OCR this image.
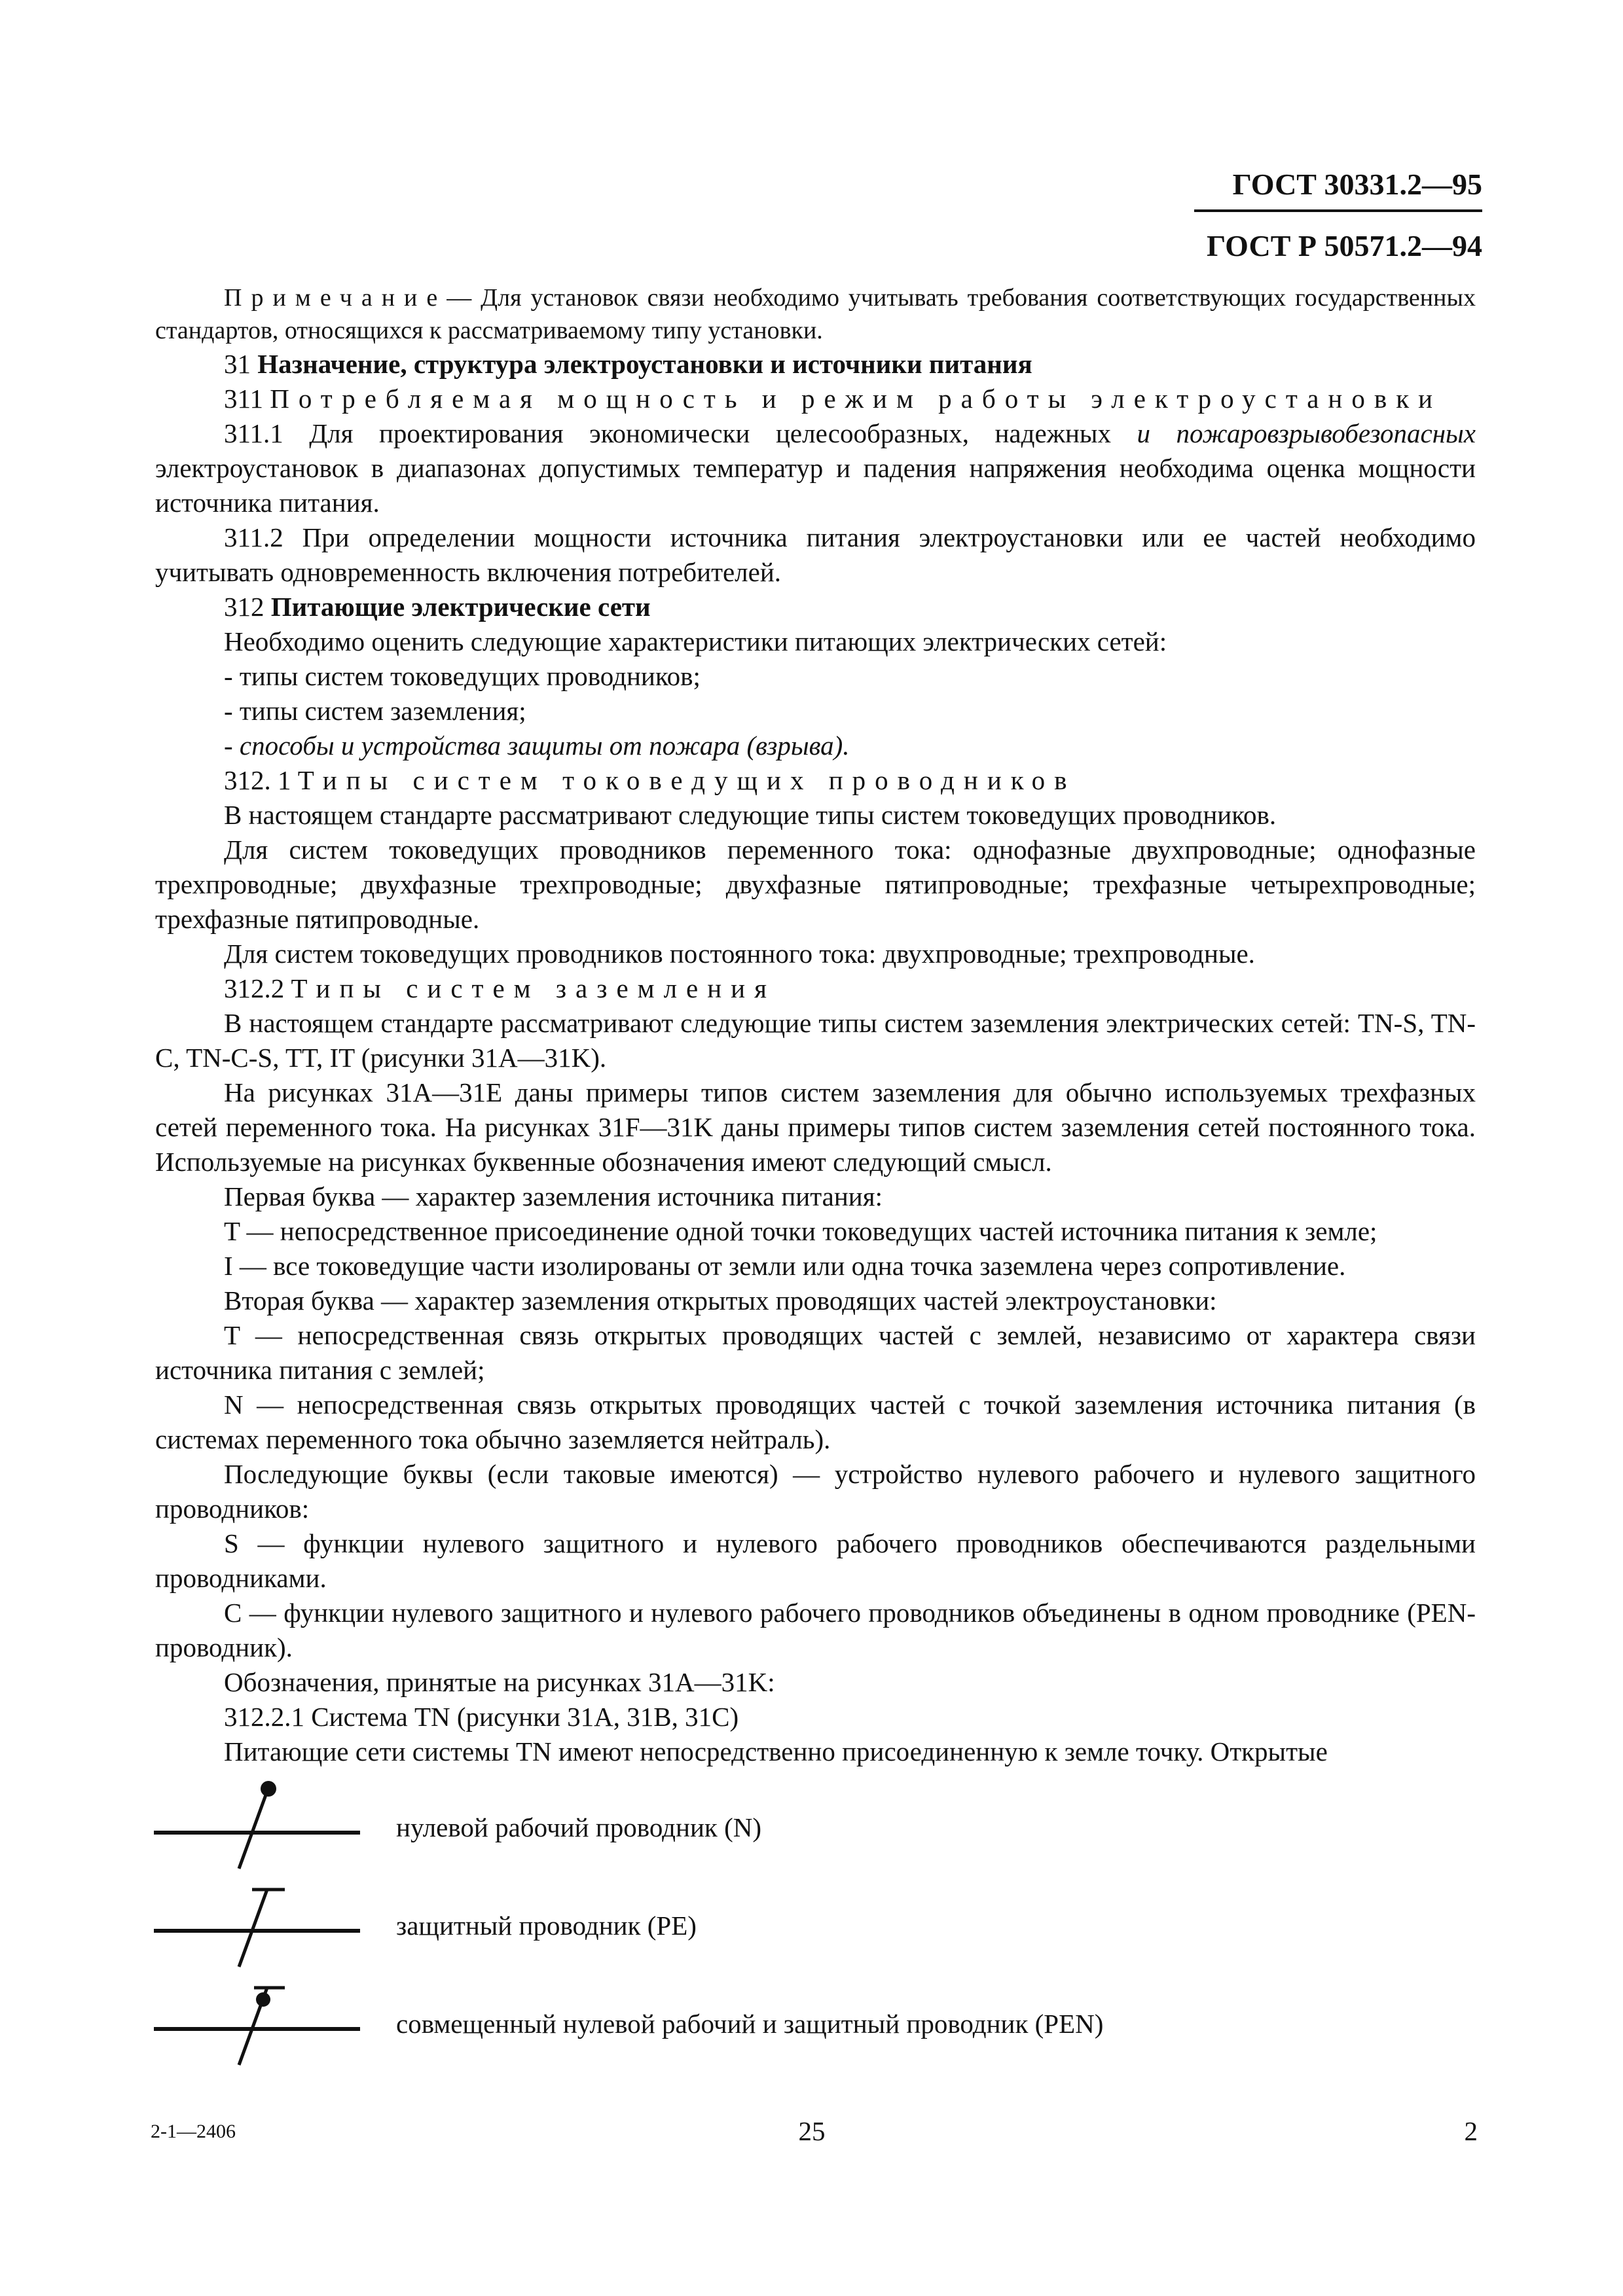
ГОСТ 30331.2—95
ГОСТ Р 50571.2—94

Примечание— Для установок связи необходимо учитывать требования соответствующих государственных стандартов, относящихся к рассматриваемому типу установки.

31 Назначение, структура электроустановки и источники питания

311 Потребляемая мощность и режим работы электроустановки

311.1 Для проектирования экономически целесообразных, надежных и пожаровзрывобезопасных электроустановок в диапазонах допустимых температур и падения напряжения необходима оценка мощности источника питания.

311.2 При определении мощности источника питания электроустановки или ее частей необходимо учитывать одновременность включения потребителей.

312 Питающие электрические сети

Необходимо оценить следующие характеристики питающих электрических сетей:

- типы систем токоведущих проводников;

- типы систем заземления;

- способы и устройства защиты от пожара (взрыва).

312. 1 Типы систем токоведущих проводников

В настоящем стандарте рассматривают следующие типы систем токоведущих проводников.

Для систем токоведущих проводников переменного тока: однофазные двухпроводные; однофазные трехпроводные; двухфазные трехпроводные; двухфазные пятипроводные; трехфазные четырехпроводные; трехфазные пятипроводные.

Для систем токоведущих проводников постоянного тока: двухпроводные; трехпроводные.

312.2 Типы систем заземления

В настоящем стандарте рассматривают следующие типы систем заземления электрических сетей: TN-S, TN-C, TN-C-S, TT, IT (рисунки 31A—31K).

На рисунках 31A—31E даны примеры типов систем заземления для обычно используемых трехфазных сетей переменного тока. На рисунках 31F—31K даны примеры типов систем заземления сетей постоянного тока. Используемые на рисунках буквенные обозначения имеют следующий смысл.

Первая буква — характер заземления источника питания:

T — непосредственное присоединение одной точки токоведущих частей источника питания к земле;

I — все токоведущие части изолированы от земли или одна точка заземлена через сопротивление.

Вторая буква — характер заземления открытых проводящих частей электроустановки:

T — непосредственная связь открытых проводящих частей с землей, независимо от характера связи источника питания с землей;

N — непосредственная связь открытых проводящих частей с точкой заземления источника питания (в системах переменного тока обычно заземляется нейтраль).

Последующие буквы (если таковые имеются) — устройство нулевого рабочего и нулевого защитного проводников:

S — функции нулевого защитного и нулевого рабочего проводников обеспечиваются раздельными проводниками.

C — функции нулевого защитного и нулевого рабочего проводников объединены в одном проводнике (PEN-проводник).

Обозначения, принятые на рисунках 31A—31K:

312.2.1 Система TN (рисунки 31A, 31B, 31C)

Питающие сети системы TN имеют непосредственно присоединенную к земле точку. Открытые

нулевой рабочий проводник (N)
защитный проводник (PE)
совмещенный нулевой рабочий и защитный проводник (PEN)
2-1—2406	25	2
